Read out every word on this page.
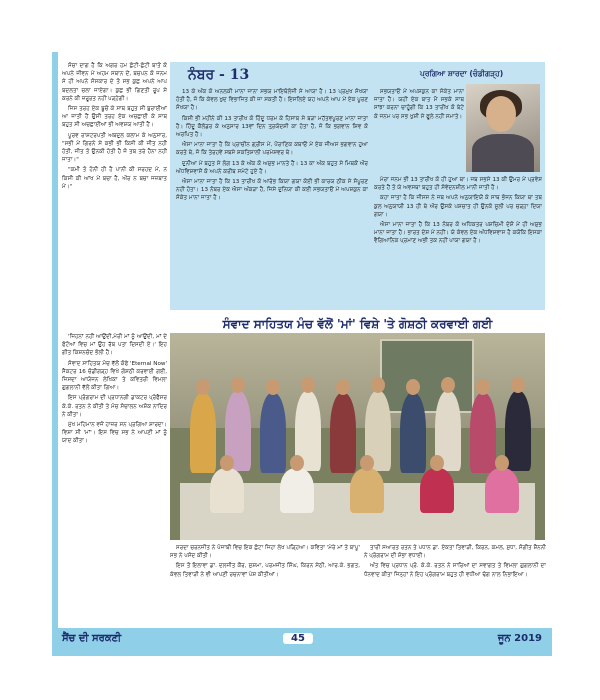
ਸੋਚਾ ਦਾਗ ਹੈ ਕਿ ਅਗਰ ਹਮ ਛੋਟੀ-ਛੋਟੀ ਬਾਤੋਂ ਕੋ ਅਪਨੇ ਜੀਵਨ ਮੇਂ ਅਹਮ ਸਥਾਨ ਦੇਂ, ਬਚਪਨ ਕੋ ਜਨਮ ਸੇ ਹੀ ਅਪਨੇ ਸੰਸਕਾਰ ਦੇ ਤੋ ਸਭ ਕੁਛ ਅਪਨੇ ਆਪ ਬਦਲਤਾ ਚਲਾ ਜਾਏਗਾ। ਕੁਛ ਭੀ ਗਿਣਤੀ ਰੂਪ ਸੇ ਕਰਨੇ ਕੀ ਜ਼ਰੂਰਤ ਨਹੀਂ ਪੜ੍ਹੇਗੀ।

ਜਿਸ ਤਰਹ ਏਕ ਬੂਚੋਂ ਕੇ ਸਾਥ ਬਹੁਤ ਸੀ ਬੁਰਾਈਆਂ ਆ ਜਾਤੀ ਹੈਂ ਉਸੀ ਤਰਹ ਏਕ ਅਚਛਾਈ ਕੇ ਸਾਥ ਬਹੁਤ ਸੀ ਅਚਛਾਈਆਂ ਭੀ ਅਵਸ਼ਯ ਆਤੀ ਹੈਂ।

ਪੂਰਵ ਰਾਸ਼ਟਰਪਤੀ ਅਬਦੁਲ ਕਲਾਮ ਕੇ ਅਨੁਸਾਰ, "ਸਭੀ ਮੇਂ ਗਿਰਨੇ ਸੇ ਕਭੀ ਭੀ ਕਿਸੀ ਕੀ ਜੀਤ ਨਹੀਂ ਹੋਤੀ, ਜੀਤ ਤੋ ਉਨਕੀ ਹੋਤੀ ਹੈ ਜੋ ਤਬ ਤਰੇ ਹੈਨਾ ਨਹੀਂ ਜਾਤਾ।"

"ਕਮੀ ਤੋ ਹੋਨੀ ਹੀ ਹੈ ਪਾਨੀ ਕੀ ਸਰਹਦ ਮੇਂ, ਨ ਕਿਸੀ ਕੀ ਆਂਖ ਮੇਂ ਬਚਾ ਹੈ, ਔਰ ਨ ਬਚਾ ਜਜ਼ਬਾਤ ਮੇਂ।"

ਨੰਬਰ - 13	ਪ੍ਰਗਿਆ ਸ਼ਾਰਦਾ (ਚੰਡੀਗੜ੍ਹ)

13 ਕੇ ਅੰਕ ਕੋ ਅਨਲਕੀ ਮਾਨਾ ਜਾਨਾ ਸਭਯ ਮਾਇਥੋਲੋਜੀ ਸੇ ਆਯਾ ਹੈ। 13 ਪ੍ਰਮੁਖ ਸੰਖਯਾ ਹੋਤੀ ਹੈ, ਜੋ ਕਿ ਕੇਵਲ ਖੁਦ ਵਿਭਾਜਿਤ ਕੀ ਜਾ ਸਕਤੀ ਹੈ। ਇਸਲਿਏ ਯਹ ਅਪਨੇ ਆਪ ਮੇਂ ਏਕ ਪੂਰਣ ਸੰਖਯਾ ਹੈ।

ਕਿਸੀ ਭੀ ਮਹੀਨੇ ਕੀ 13 ਤਾਰੀਖ ਕੋ ਹਿੰਦੂ ਧਰਮ ਕੇ ਹਿਸਾਬ ਸੇ ਬੜਾ ਮਹੱਤਵਪੂਰਣ ਮਾਨਾ ਜਾਤਾ ਹੈ। ਹਿੰਦੂ ਕੈਲੰਡਰ ਕੇ ਅਨੁਸਾਰ 13ਵਾਂ ਦਿਨ ਤ੍ਰਯੋਦਸ਼ੀ ਕਾ ਹੋਤਾ ਹੈ, ਜੋ ਕਿ ਭਗਵਾਨ ਸ਼ਿਵ ਕੋ ਅਰਪਿਤ ਹੈ।

ਐਸਾ ਮਾਨਾ ਜਾਤਾ ਹੈ ਕਿ ਪ੍ਰਾਚੀਨ ਗ੍ਰੀਸ ਮੇਂ, ਪੌਰਾਣਿਕ ਕਥਾਓਂ ਮੇਂ ਏਕ ਜੀਅਸ ਭਗਵਾਨ ਹੁਆ ਕਰਤੇ ਥੇ, ਜੋ ਕਿ ਤੇਰਹਵੇਂ ਸਬਸੇ ਸ਼ਕਤਿਸ਼ਾਲੀ ਪਰਮੇਸ਼ਵਰ ਥੇ।

ਦੁਨੀਆ ਮੇਂ ਬਹੁਤ ਸੇ ਲੋਗ 13 ਕੇ ਅੰਕ ਕੋ ਅਸ਼ੁਭ ਮਾਨਤੇ ਹੈਂ। 13 ਕਾ ਅੰਕ ਬਹੁਤ ਸੇ ਮਿਥਕੋਂ ਔਰ ਅੰਧਵਿਸ਼ਵਾਸੋਂ ਕੋ ਅਪਨੇ ਕਰੀਬ ਸਮੇਟੇ ਹੁਏ ਹੈ।

ਐਸਾ ਮਾਨਾ ਜਾਤਾ ਹੈ ਕਿ 13 ਤਾਰੀਖ ਕੋ ਆਰੰਭ ਕਿਯਾ ਗਯਾ ਕੋਈ ਭੀ ਕਾਰਯ ਠੀਕ ਸੇ ਸੰਪੂਰਣ ਨਹੀਂ ਹੋਤਾ। 13 ਨੰਬਰ ਏਕ ਐਸਾ ਅੰਕੜਾ ਹੈ, ਜਿਸੇ ਦੁਨਿਯਾ ਕੀ ਕਈ ਸਭਯਤਾਓਂ ਮੇਂ ਅਪਸ਼ਕੁਨ ਕਾ ਸੰਕੇਤ ਮਾਨਾ ਜਾਤਾ ਹੈ।

ਸਭਯਤਾਓਂ ਮੇਂ ਅਪਸ਼ਕੁਨ ਕਾ ਸੰਕੇਤ ਮਾਨਾ ਜਾਤਾ ਹੈ। ਯਹੀਂ ਏਕ ਬਾਤ ਮੈਂ ਸਭਕੇ ਸਾਥ ਸਾਂਝਾ ਕਰਨਾ ਚਾਹੂੰਗੀ ਕਿ 13 ਤਾਰੀਖ ਕੋ ਬੇਟੇ ਕੇ ਜਨਮ ਪਰ ਸਭ ਖੁਸ਼ੀ ਸੇ ਫੂਲੇ ਨਹੀਂ ਸਮਾਤੇ।

ਮੇਰਾ ਜਨਮ ਭੀ 13 ਤਾਰੀਖ ਕੋ ਹੀ ਹੁਆ ਥਾ। ਜਬ ਸਭਸੇ 13 ਕੀ ਉਮਰ ਮੇਂ ਪ੍ਰਵੇਸ਼ ਕਰਤੇ ਹੈਂ ਤੋ ਯੇ ਅਵਸਥਾ ਬਹੁਤ ਹੀ ਸੰਵੇਦਨਸ਼ੀਲ ਮਾਨੀ ਜਾਤੀ ਹੈ।

ਕਹਾ ਜਾਤਾ ਹੈ ਕਿ ਜੀਸਸ ਨੇ ਜਬ ਅਪਨੇ ਅਨੁਯਾਇਯੋਂ ਕੇ ਸਾਥ ਭੋਜਨ ਕਿਯਾ ਥਾ ਤਬ ਕੁਲ ਅਨੁਯਾਯੀ 13 ਹੀ ਥੇ ਔਰ ਉਸਕੇ ਪਸ਼ਚਾਤ ਹੀ ਉਨਕੋ ਸੂਲੀ ਪਰ ਚੜ੍ਹਾ ਦਿਯਾ ਗਯਾ।

ਐਸਾ ਮਾਨਾ ਜਾਤਾ ਹੈ ਕਿ 13 ਨੰਬਰ ਕੋ ਅਧਿਕਤਰ ਪਸ਼ਚਿਮੀ ਦੇਸ਼ੋਂ ਮੇਂ ਹੀ ਅਸ਼ੁਭ ਮਾਨਾ ਜਾਤਾ ਹੈ। ਭਾਰਤ ਦੇਸ਼ ਮੇਂ ਨਹੀਂ। ਯੇ ਕੇਵਲ ਏਕ ਅੰਧਵਿਸ਼ਵਾਸ ਹੈ ਕਯੋਂਕਿ ਇਸਕਾ ਵੈਗਿਆਨਿਕ ਪ੍ਰਮਾਣ ਅਭੀ ਤਕ ਨਹੀਂ ਪਾਯਾ ਗਯਾ ਹੈ।

ਸੰਵਾਦ ਸਾਹਿਤਯ ਮੰਚ ਵੱਲੋਂ 'ਮਾਂ' ਵਿਸ਼ੇ 'ਤੇ ਗੋਸ਼ਠੀ ਕਰਵਾਈ ਗਈ

'ਜਿਹਨਾਂ ਨਹੀਂ ਆਉਂਦੀ,ਮੇਰੀ ਮਾਂ ਨੂੰ ਆਉਂਦੀ, ਮਾਂ ਦੇ ਫੋਟੋਆਂ ਵਿਚ ਮਾਂ ਉਹ ਰੱਬ ਪਤਾ ਦਿਸਦੀ ਏ।' ਇਹ ਗੀਤ ਕਿਸ਼ਨਚੰਦ ਭੋਲੀ ਹੈ।

ਸੰਵਾਦ ਸਾਹਿਤਯ ਮੰਚ ਵੱਲੋਂ ਕੋਫੇ 'Eternal Now' ਸੈਕਟਰ 16 ਚੰਡੀਗੜ੍ਹ ਵਿਖੇ ਗੋਸ਼ਠੀ ਕਰਵਾਈ ਗਈ, ਜਿਸਦਾ ਆਯੋਜਨ ਲੇਖਿਕਾ ਤੇ ਕਵਿਤਰੀ ਵਿਮਲਾ ਗੁਗਲਾਨੀ ਵੱਲੋਂ ਕੀਤਾ ਗਿਆ।

ਇਸ ਪ੍ਰੋਗਰਾਮ ਦੀ ਪ੍ਰਧਾਨਗੀ ਡਾਕਟਰ ਪ੍ਰੋਫੈਸਰ ਕੇ.ਕੇ. ਰਤਨ ਨੇ ਕੀਤੀ ਤੇ ਮੰਚ ਸੰਚਾਲਨ ਅਸ਼ੋਕ ਨਾਦਿਰ ਨੇ ਕੀਤਾ।

ਮੁੱਖ ਮਹਿਮਾਨ ਵਜੋਂ ਹਾਜ਼ਰ ਸਨ ਪ੍ਰਗਿਆ ਸ਼ਾਰਦਾ। ਵਿਸ਼ਾ ਸੀ 'ਮਾਂ'। ਇਸ ਵਿਚ ਸਭ ਨੇ ਆਪਣੀ ਮਾਂ ਨੂੰ ਯਾਦ ਕੀਤਾ।

ਸਰਦਾ ਚਰਨਜੀਤ ਨੇ ਪੰਜਾਬੀ ਵਿਚ ਇਕ ਛੋਟਾ ਜਿਹਾ ਲੇਖ ਪੜ੍ਹਿਆ। ਕਵਿਤਾ 'ਮੇਰੇ ਮਾਂ ਤੇ ਬਾਪੂ' ਸਭ ਨੇ ਪਸੰਦ ਕੀਤੀ।

ਇਸ ਤੋਂ ਇਲਾਵਾ ਡਾ. ਦਲਜੀਤ ਕੌਰ, ਸੁਸ਼ਮਾ, ਪਰਮਜੀਤ ਸਿੰਘ, ਕਿਰਨ ਸੇਠੀ, ਆਰ.ਕੇ. ਭਗਤ, ਕੇਵਲ ਤਿਵਾੜੀ ਨੇ ਵੀ ਆਪਣੀ ਰਚਨਾਵਾਂ ਪੇਸ਼ ਕੀਤੀਆਂ।

ਤਾਰੀ ਸਆਰਤ ਰਤਨ ਤੇ ਪਧਾਨ ਡਾ. ਏਕਤਾ ਤਿਵਾੜੀ, ਕਿਰਨ, ਕਮਲ, ਸੁਧਾ, ਸੰਗੀਤ ਸ਼ੈਨਨੀ ਨੇ ਪ੍ਰੋਗਰਾਮ ਦੀ ਸ਼ੋਭਾ ਵਧਾਈ।

ਅੰਤ ਵਿਚ ਪ੍ਰਧਾਨ ਪ੍ਰੋ. ਕੇ.ਕੇ. ਰਤਨ ਨੇ ਸਾਰਿਆਂ ਦਾ ਸਵਾਗਤ ਤੇ ਵਿਮਲਾ ਗੁਗਲਾਨੀ ਦਾ ਧੰਨਵਾਦ ਕੀਤਾ ਜਿਨ੍ਹਾਂ ਨੇ ਇਹ ਪ੍ਰੋਗਰਾਮ ਬਹੁਤ ਹੀ ਵਧੀਆ ਢੰਗ ਨਾਲ ਨਿਭਾਇਆ।

ਸੈਂਚ ਦੀ ਸਰਕਣੀ	45	ਜੂਨ 2019
